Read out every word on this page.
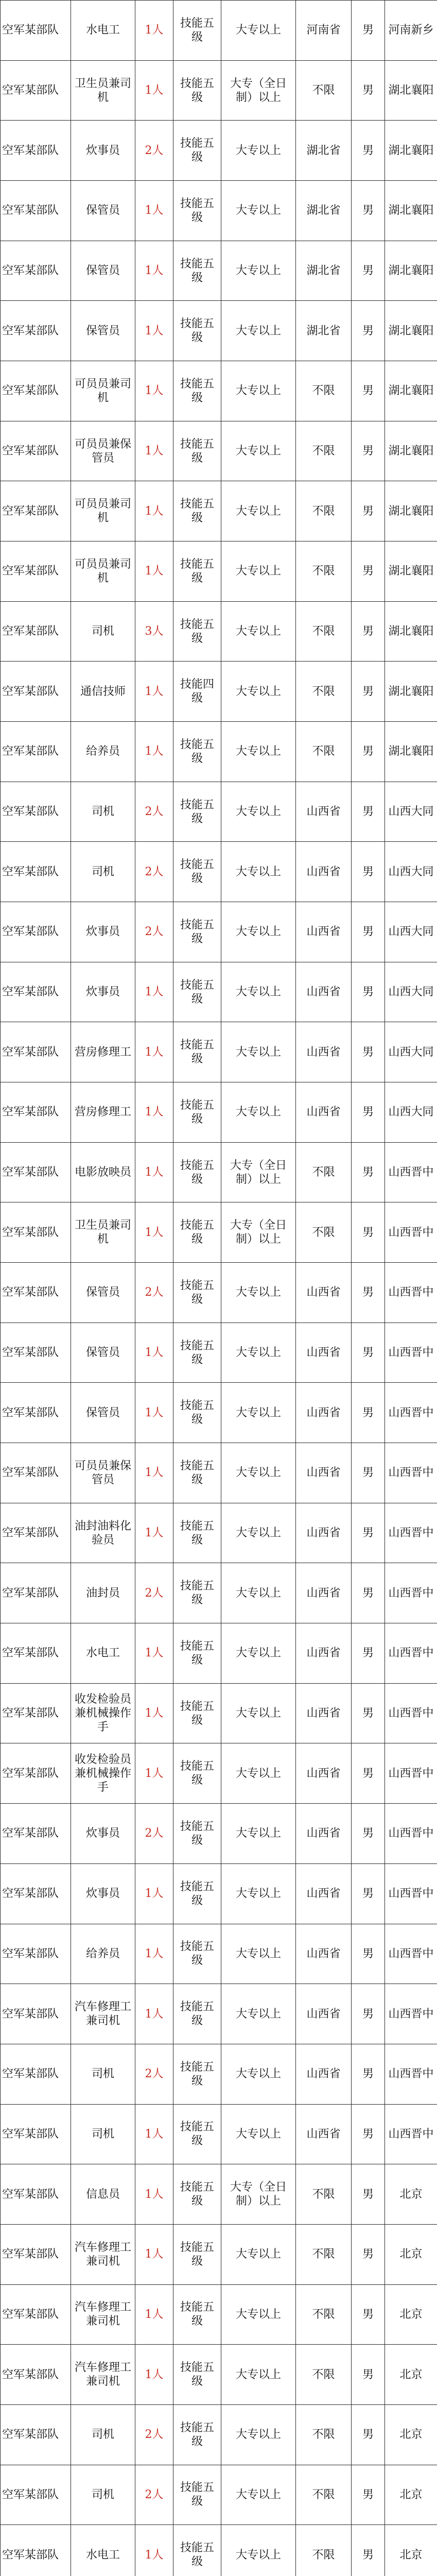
空军某部队	水电工	1人	技能五级	大专以上	河南省	男	河南新乡
空军某部队	卫生员兼司机	1人	技能五级	大专（全日制）以上	不限	男	湖北襄阳
空军某部队	炊事员	2人	技能五级	大专以上	湖北省	男	湖北襄阳
空军某部队	保管员	1人	技能五级	大专以上	湖北省	男	湖北襄阳
空军某部队	保管员	1人	技能五级	大专以上	湖北省	男	湖北襄阳
空军某部队	保管员	1人	技能五级	大专以上	湖北省	男	湖北襄阳
空军某部队	可员员兼司机	1人	技能五级	大专以上	不限	男	湖北襄阳
空军某部队	可员员兼保管员	1人	技能五级	大专以上	不限	男	湖北襄阳
空军某部队	可员员兼司机	1人	技能五级	大专以上	不限	男	湖北襄阳
空军某部队	可员员兼司机	1人	技能五级	大专以上	不限	男	湖北襄阳
空军某部队	司机	3人	技能五级	大专以上	不限	男	湖北襄阳
空军某部队	通信技师	1人	技能四级	大专以上	不限	男	湖北襄阳
空军某部队	给养员	1人	技能五级	大专以上	不限	男	湖北襄阳
空军某部队	司机	2人	技能五级	大专以上	山西省	男	山西大同
空军某部队	司机	2人	技能五级	大专以上	山西省	男	山西大同
空军某部队	炊事员	2人	技能五级	大专以上	山西省	男	山西大同
空军某部队	炊事员	1人	技能五级	大专以上	山西省	男	山西大同
空军某部队	营房修理工	1人	技能五级	大专以上	山西省	男	山西大同
空军某部队	营房修理工	1人	技能五级	大专以上	山西省	男	山西大同
空军某部队	电影放映员	1人	技能五级	大专（全日制）以上	不限	男	山西晋中
空军某部队	卫生员兼司机	1人	技能五级	大专（全日制）以上	不限	男	山西晋中
空军某部队	保管员	2人	技能五级	大专以上	山西省	男	山西晋中
空军某部队	保管员	1人	技能五级	大专以上	山西省	男	山西晋中
空军某部队	保管员	1人	技能五级	大专以上	山西省	男	山西晋中
空军某部队	可员员兼保管员	1人	技能五级	大专以上	山西省	男	山西晋中
空军某部队	油封油料化验员	1人	技能五级	大专以上	山西省	男	山西晋中
空军某部队	油封员	2人	技能五级	大专以上	山西省	男	山西晋中
空军某部队	水电工	1人	技能五级	大专以上	山西省	男	山西晋中
空军某部队	收发检验员兼机械操作手	1人	技能五级	大专以上	山西省	男	山西晋中
空军某部队	收发检验员兼机械操作手	1人	技能五级	大专以上	山西省	男	山西晋中
空军某部队	炊事员	2人	技能五级	大专以上	山西省	男	山西晋中
空军某部队	炊事员	1人	技能五级	大专以上	山西省	男	山西晋中
空军某部队	给养员	1人	技能五级	大专以上	山西省	男	山西晋中
空军某部队	汽车修理工兼司机	1人	技能五级	大专以上	山西省	男	山西晋中
空军某部队	司机	2人	技能五级	大专以上	山西省	男	山西晋中
空军某部队	司机	1人	技能五级	大专以上	山西省	男	山西晋中
空军某部队	信息员	1人	技能五级	大专（全日制）以上	不限	男	北京
空军某部队	汽车修理工兼司机	1人	技能五级	大专以上	不限	男	北京
空军某部队	汽车修理工兼司机	1人	技能五级	大专以上	不限	男	北京
空军某部队	汽车修理工兼司机	1人	技能五级	大专以上	不限	男	北京
空军某部队	司机	2人	技能五级	大专以上	不限	男	北京
空军某部队	司机	2人	技能五级	大专以上	不限	男	北京
空军某部队	水电工	1人	技能五级	大专以上	不限	男	北京
